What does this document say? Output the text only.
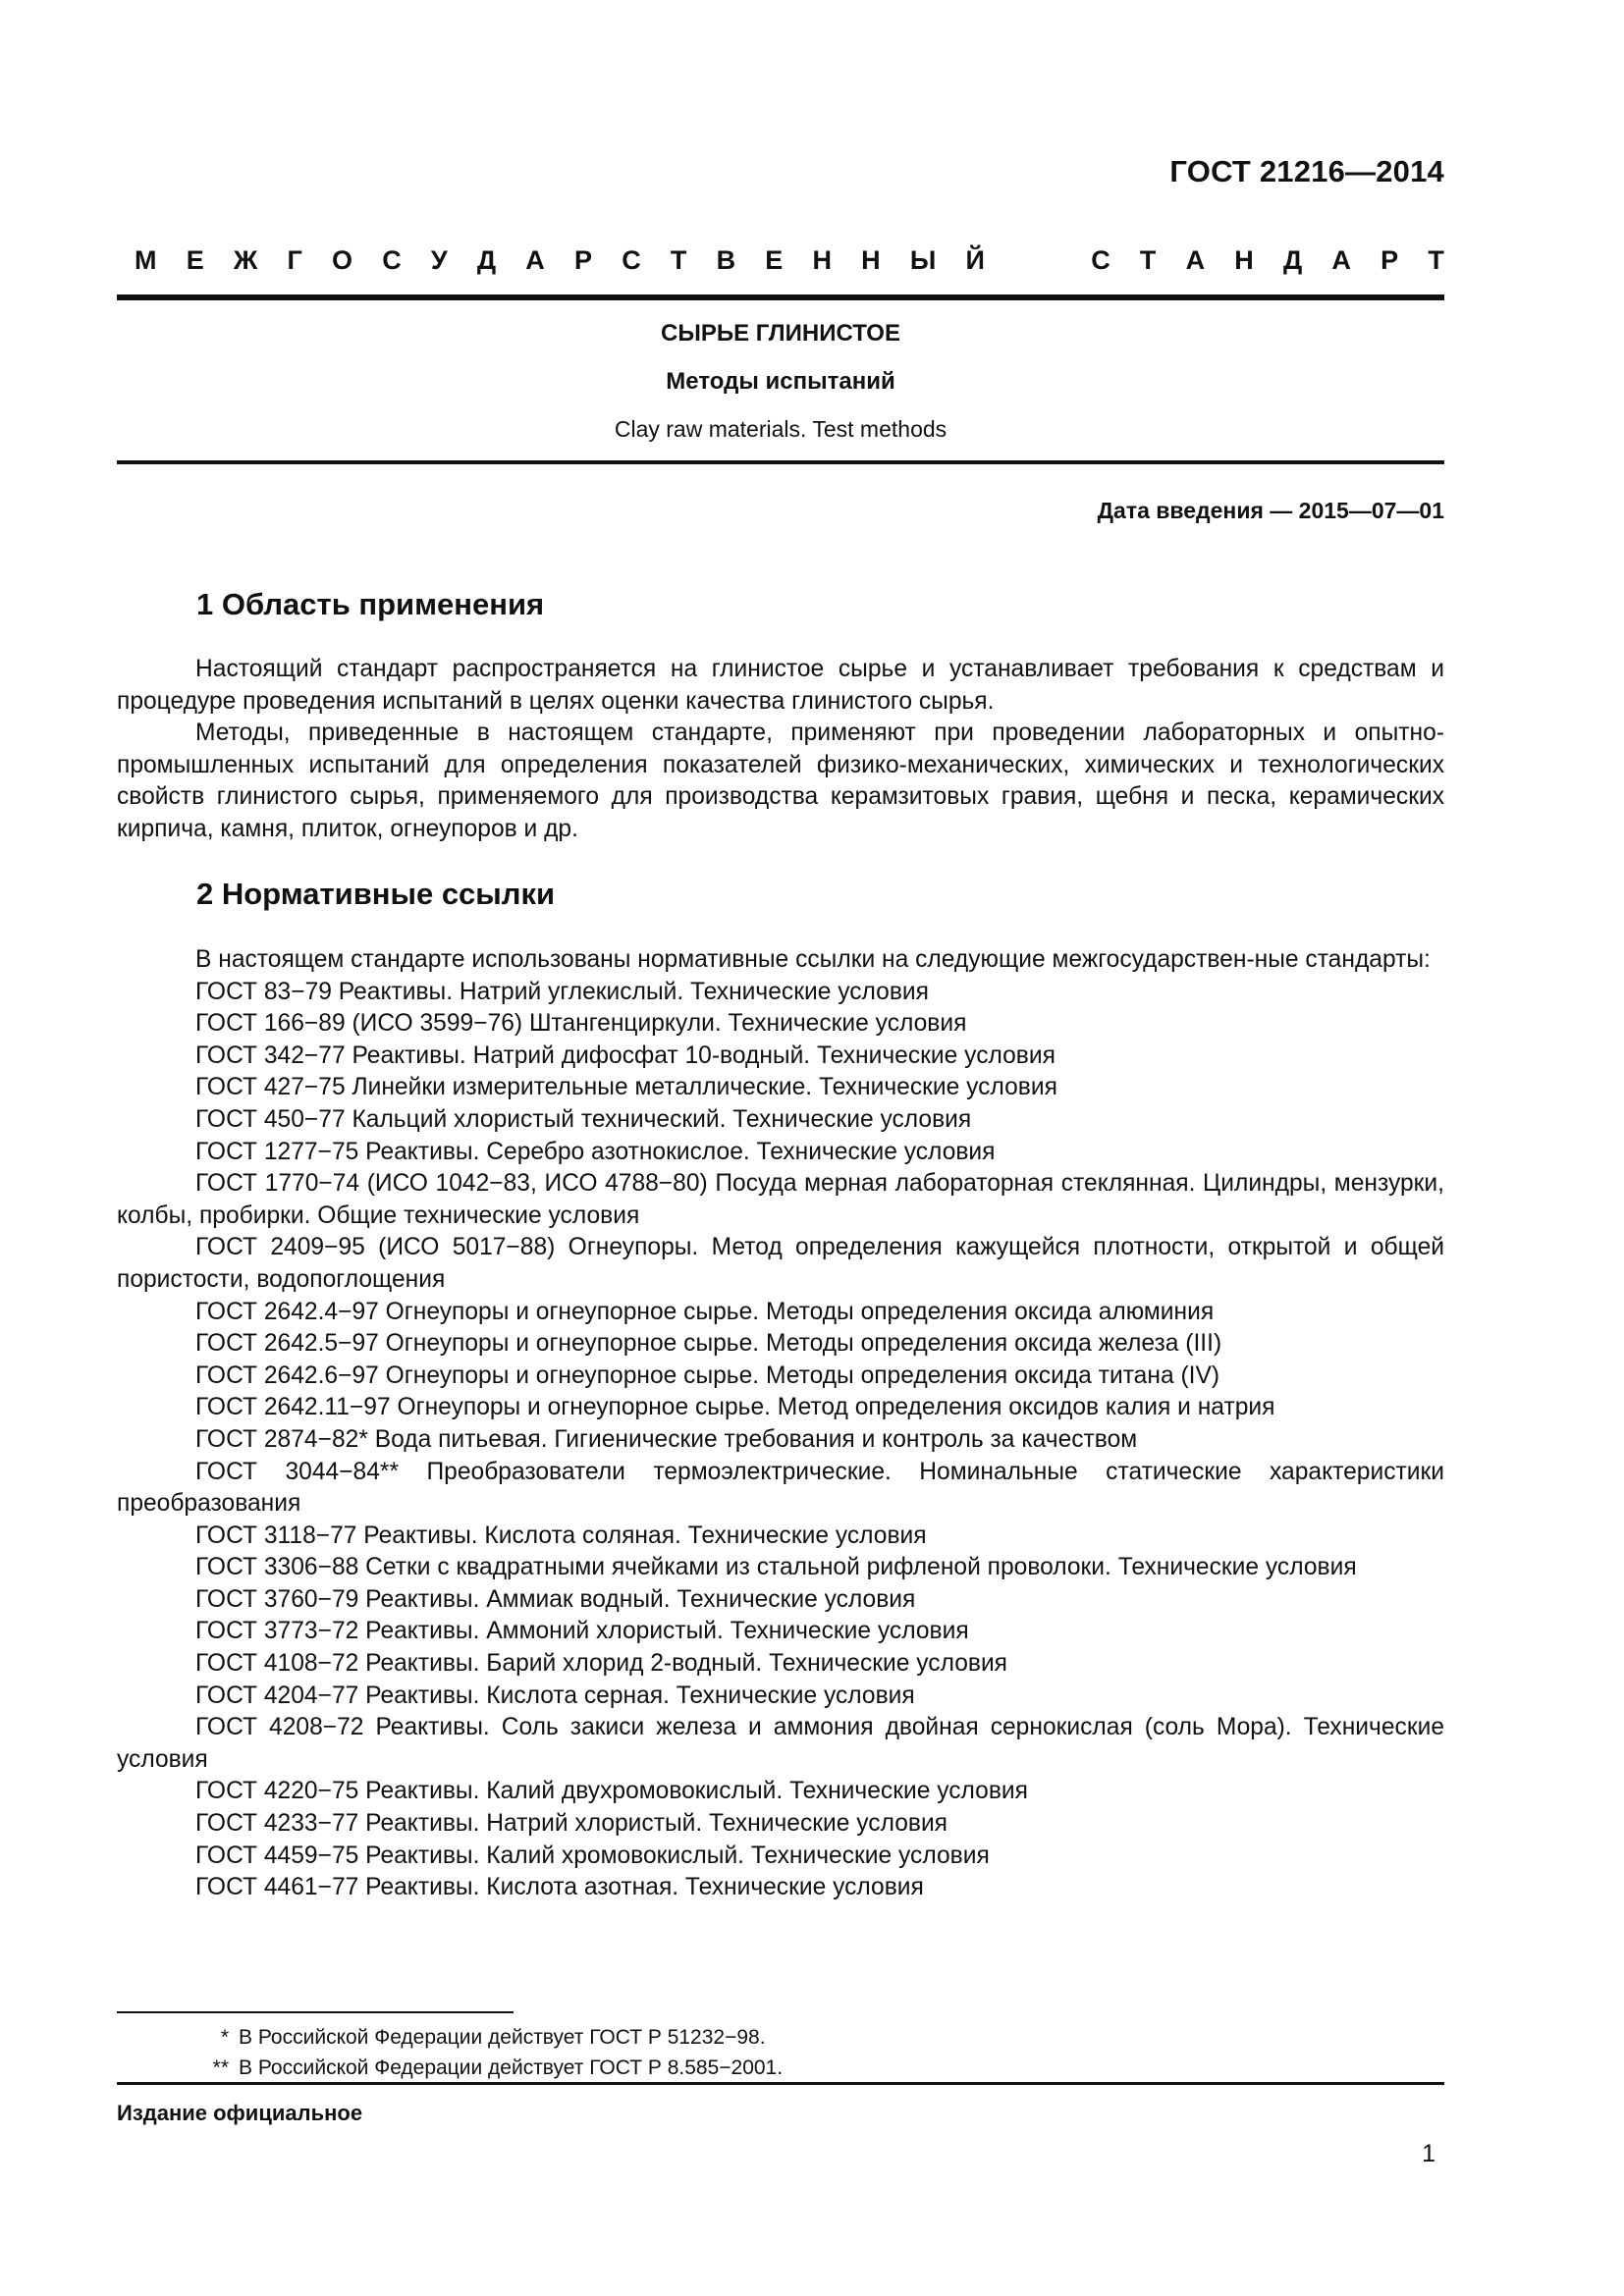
ГОСТ 21216—2014
М Е Ж Г О С У Д А Р С Т В Е Н Н Ы Й	С Т А Н Д А Р Т
СЫРЬЕ ГЛИНИСТОЕ
Методы испытаний
Clay raw materials. Test methods
Дата введения — 2015—07—01
1 Область применения

Настоящий стандарт распространяется на глинистое сырье и устанавливает требования к средствам и процедуре проведения испытаний в целях оценки качества глинистого сырья.

Методы, приведенные в настоящем стандарте, применяют при проведении лабораторных и опытно-промышленных испытаний для определения показателей физико-механических, химических и технологических свойств глинистого сырья, применяемого для производства керамзитовых гравия, щебня и песка, керамических кирпича, камня, плиток, огнеупоров и др.

2 Нормативные ссылки

В настоящем стандарте использованы нормативные ссылки на следующие межгосударствен-ные стандарты:

ГОСТ 83−79 Реактивы. Натрий углекислый. Технические условия

ГОСТ 166−89 (ИСО 3599−76) Штангенциркули. Технические условия

ГОСТ 342−77 Реактивы. Натрий дифосфат 10-водный. Технические условия

ГОСТ 427−75 Линейки измерительные металлические. Технические условия

ГОСТ 450−77 Кальций хлористый технический. Технические условия

ГОСТ 1277−75 Реактивы. Серебро азотнокислое. Технические условия

ГОСТ 1770−74 (ИСО 1042−83, ИСО 4788−80) Посуда мерная лабораторная стеклянная. Цилиндры, мензурки, колбы, пробирки. Общие технические условия

ГОСТ 2409−95 (ИСО 5017−88) Огнеупоры. Метод определения кажущейся плотности, открытой и общей пористости, водопоглощения

ГОСТ 2642.4−97 Огнеупоры и огнеупорное сырье. Методы определения оксида алюминия

ГОСТ 2642.5−97 Огнеупоры и огнеупорное сырье. Методы определения оксида железа (III)

ГОСТ 2642.6−97 Огнеупоры и огнеупорное сырье. Методы определения оксида титана (IV)

ГОСТ 2642.11−97 Огнеупоры и огнеупорное сырье. Метод определения оксидов калия и натрия

ГОСТ 2874−82* Вода питьевая. Гигиенические требования и контроль за качеством

ГОСТ 3044−84** Преобразователи термоэлектрические. Номинальные статические характеристики преобразования

ГОСТ 3118−77 Реактивы. Кислота соляная. Технические условия

ГОСТ 3306−88 Сетки с квадратными ячейками из стальной рифленой проволоки. Технические условия

ГОСТ 3760−79 Реактивы. Аммиак водный. Технические условия

ГОСТ 3773−72 Реактивы. Аммоний хлористый. Технические условия

ГОСТ 4108−72 Реактивы. Барий хлорид 2-водный. Технические условия

ГОСТ 4204−77 Реактивы. Кислота серная. Технические условия

ГОСТ 4208−72 Реактивы. Соль закиси железа и аммония двойная сернокислая (соль Мора). Технические условия

ГОСТ 4220−75 Реактивы. Калий двухромовокислый. Технические условия

ГОСТ 4233−77 Реактивы. Натрий хлористый. Технические условия

ГОСТ 4459−75 Реактивы. Калий хромовокислый. Технические условия

ГОСТ 4461−77 Реактивы. Кислота азотная. Технические условия

* В Российской Федерации действует ГОСТ Р 51232−98.
** В Российской Федерации действует ГОСТ Р 8.585−2001.
Издание официальное
1
